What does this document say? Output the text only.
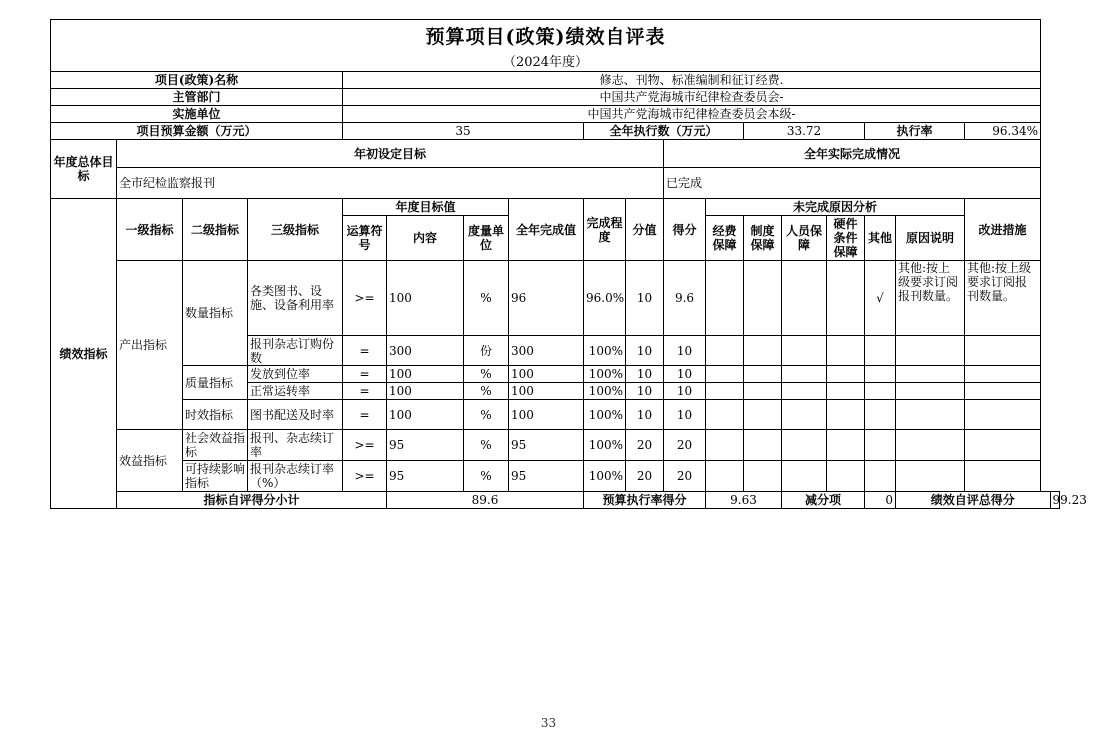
预算项目(政策)绩效自评表																		
（2024年度）																		
项目(政策)名称				修志、刊物、标准编制和征订经费.														
主管部门				中国共产党海城市纪律检查委员会-														
实施单位				中国共产党海城市纪律检查委员会本级-														
项目预算金额（万元）				35				全年执行数（万元）				33.72			执行率		96.34%	
年度总体目标	年初设定目标									全年实际完成情况								
	全市纪检监察报刊									已完成								
绩效指标	一级指标	二级指标	三级指标	年度目标值			全年完成值	完成程度	分值	得分	未完成原因分析						改进措施	
				运算符号	内容	度量单位					经费保障	制度保障	人员保障	硬件条件保障	其他	原因说明		
	产出指标	数量指标	各类图书、设施、设备利用率	>=	100	%	96	96.0%	10	9.6					√	其他:按上级要求订阅报刊数量。	其他:按上级要求订阅报刊数量。	
			报刊杂志订购份数	=	300	份	300	100%	10	10								
		质量指标	发放到位率	=	100	%	100	100%	10	10								
			正常运转率	=	100	%	100	100%	10	10								
		时效指标	图书配送及时率	=	100	%	100	100%	10	10								
	效益指标	社会效益指标	报刊、杂志续订率	>=	95	%	95	100%	20	20								
		可持续影响指标	报刊杂志续订率（%）	>=	95	%	95	100%	20	20								
	指标自评得分小计				89.6			预算执行率得分			9.63		减分项		0	绩效自评总得分		99.23
33
